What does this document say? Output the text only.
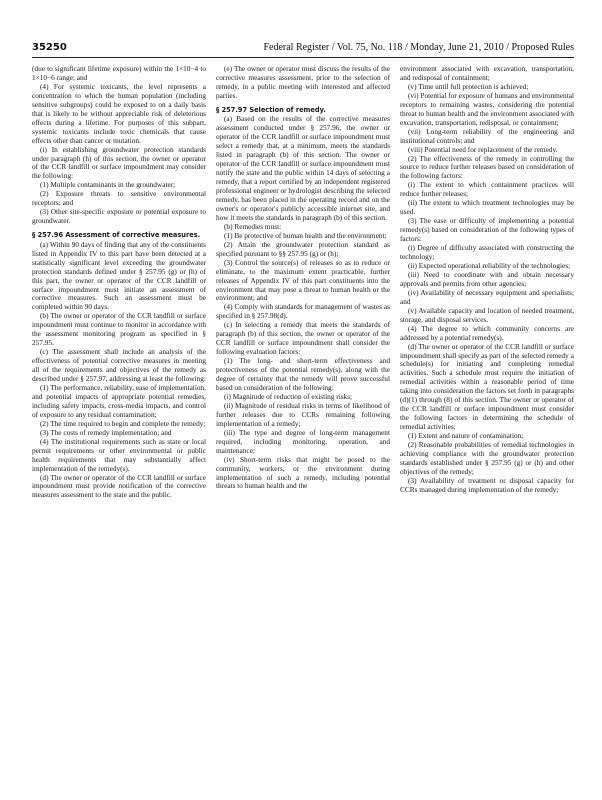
35250	Federal Register / Vol. 75, No. 118 / Monday, June 21, 2010 / Proposed Rules

(due to significant lifetime exposure) within the 1×10−4 to 1×10−6 range; and

(4) For systemic toxicants, the level represents a concentration to which the human population (including sensitive subgroups) could be exposed to on a daily basis that is likely to be without appreciable risk of deleterious effects during a lifetime. For purposes of this subpart, systemic toxicants include toxic chemicals that cause effects other than cancer or mutation.

(i) In establishing groundwater protection standards under paragraph (h) of this section, the owner or operator of the CCR landfill or surface impoundment may consider the following:

(1) Multiple contaminants in the groundwater;

(2) Exposure threats to sensitive environmental receptors; and

(3) Other site-specific exposure or potential exposure to groundwater.

§ 257.96 Assessment of corrective measures.

(a) Within 90 days of finding that any of the constituents listed in Appendix IV to this part have been detected at a statistically significant level exceeding the groundwater protection standards defined under § 257.95 (g) or (h) of this part, the owner or operator of the CCR landfill or surface impoundment must initiate an assessment of corrective measures. Such an assessment must be completed within 90 days.

(b) The owner or operator of the CCR landfill or surface impoundment must continue to monitor in accordance with the assessment monitoring program as specified in § 257.95.

(c) The assessment shall include an analysis of the effectiveness of potential corrective measures in meeting all of the requirements and objectives of the remedy as described under § 257.97, addressing at least the following:

(1) The performance, reliability, ease of implementation, and potential impacts of appropriate potential remedies, including safety impacts, cross-media impacts, and control of exposure to any residual contamination;

(2) The time required to begin and complete the remedy;

(3) The costs of remedy implementation; and

(4) The institutional requirements such as state or local permit requirements or other environmental or public health requirements that may substantially affect implementation of the remedy(s).

(d) The owner or operator of the CCR landfill or surface impoundment must provide notification of the corrective measures assessment to the state and the public.

(e) The owner or operator must discuss the results of the corrective measures assessment, prior to the selection of remedy, in a public meeting with interested and affected parties.

§ 257.97 Selection of remedy.

(a) Based on the results of the corrective measures assessment conducted under § 257.96, the owner or operator of the CCR landfill or surface impoundment must select a remedy that, at a minimum, meets the standards listed in paragraph (b) of this section. The owner or operator of the CCR landfill or surface impoundment must notify the state and the public within 14 days of selecting a remedy, that a report certified by an independent registered professional engineer or hydrologist describing the selected remedy, has been placed in the operating record and on the owner's or operator's publicly accessible internet site, and how it meets the standards in paragraph (b) of this section.

(b) Remedies must:

(1) Be protective of human health and the environment;

(2) Attain the groundwater protection standard as specified pursuant to §§ 257.95 (g) or (h);

(3) Control the source(s) of releases so as to reduce or eliminate, to the maximum extent practicable, further releases of Appendix IV of this part constituents into the environment that may pose a threat to human health or the environment; and

(4) Comply with standards for management of wastes as specified in § 257.98(d).

(c) In selecting a remedy that meets the standards of paragraph (b) of this section, the owner or operator of the CCR landfill or surface impoundment shall consider the following evaluation factors:

(1) The long- and short-term effectiveness and protectiveness of the potential remedy(s), along with the degree of certainty that the remedy will prove successful based on consideration of the following:

(i) Magnitude of reduction of existing risks;

(ii) Magnitude of residual risks in terms of likelihood of further releases due to CCRs remaining following implementation of a remedy;

(iii) The type and degree of long-term management required, including monitoring, operation, and maintenance;

(iv) Short-term risks that might be posed to the community, workers, or the environment during implementation of such a remedy, including potential threats to human health and the

environment associated with excavation, transportation, and redisposal of containment;

(v) Time until full protection is achieved;

(vi) Potential for exposure of humans and environmental receptors to remaining wastes, considering the potential threat to human health and the environment associated with excavation, transportation, redisposal, or containment;

(vii) Long-term reliability of the engineering and institutional controls; and

(viii) Potential need for replacement of the remedy.

(2) The effectiveness of the remedy in controlling the source to reduce further releases based on consideration of the following factors:

(i) The extent to which containment practices will reduce further releases;

(ii) The extent to which treatment technologies may be used.

(3) The ease or difficulty of implementing a potential remedy(s) based on consideration of the following types of factors:

(i) Degree of difficulty associated with constructing the technology;

(ii) Expected operational reliability of the technologies;

(iii) Need to coordinate with and obtain necessary approvals and permits from other agencies;

(iv) Availability of necessary equipment and specialists; and

(v) Available capacity and location of needed treatment, storage, and disposal services.

(4) The degree to which community concerns are addressed by a potential remedy(s).

(d) The owner or operator of the CCR landfill or surface impoundment shall specify as part of the selected remedy a schedule(s) for initiating and completing remedial activities. Such a schedule must require the initiation of remedial activities within a reasonable period of time taking into consideration the factors set forth in paragraphs (d)(1) through (8) of this section. The owner or operator of the CCR landfill or surface impoundment must consider the following factors in determining the schedule of remedial activities:

(1) Extent and nature of contamination;

(2) Reasonable probabilities of remedial technologies in achieving compliance with the groundwater protection standards established under § 257.95 (g) or (h) and other objectives of the remedy;

(3) Availability of treatment or disposal capacity for CCRs managed during implementation of the remedy;
